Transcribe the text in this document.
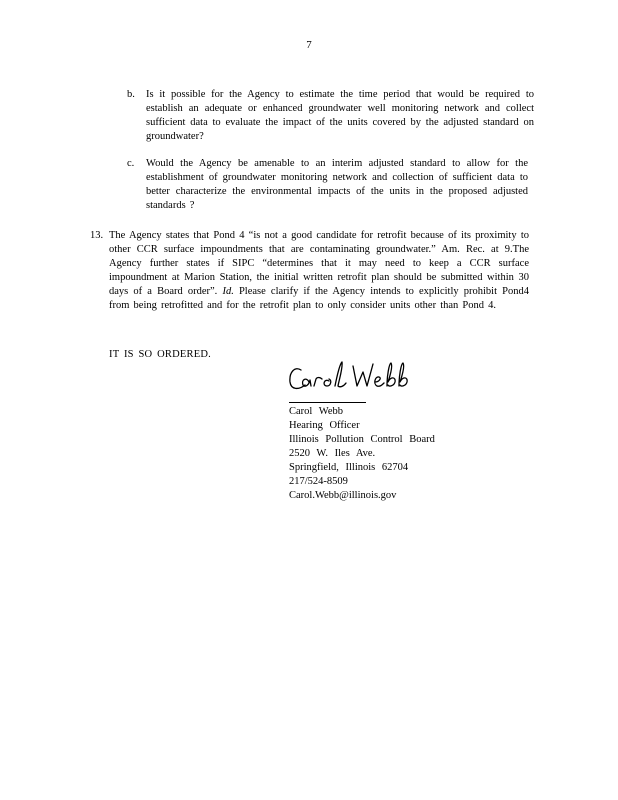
7
b. Is it possible for the Agency to estimate the time period that would be required to establish an adequate or enhanced groundwater well monitoring network and collect sufficient data to evaluate the impact of the units covered by the adjusted standard on groundwater?
c. Would the Agency be amenable to an interim adjusted standard to allow for the establishment of groundwater monitoring network and collection of sufficient data to better characterize the environmental impacts of the units in the proposed adjusted standards ?
13. The Agency states that Pond 4 “is not a good candidate for retrofit because of its proximity to other CCR surface impoundments that are contaminating groundwater.” Am. Rec. at 9.The Agency further states if SIPC “determines that it may need to keep a CCR surface impoundment at Marion Station, the initial written retrofit plan should be submitted within 30 days of a Board order”. Id. Please clarify if the Agency intends to explicitly prohibit Pond4 from being retrofitted and for the retrofit plan to only consider units other than Pond 4.
IT IS SO ORDERED.
Carol Webb
Hearing Officer
Illinois Pollution Control Board
2520 W. Iles Ave.
Springfield, Illinois 62704
217/524-8509
Carol.Webb@illinois.gov
